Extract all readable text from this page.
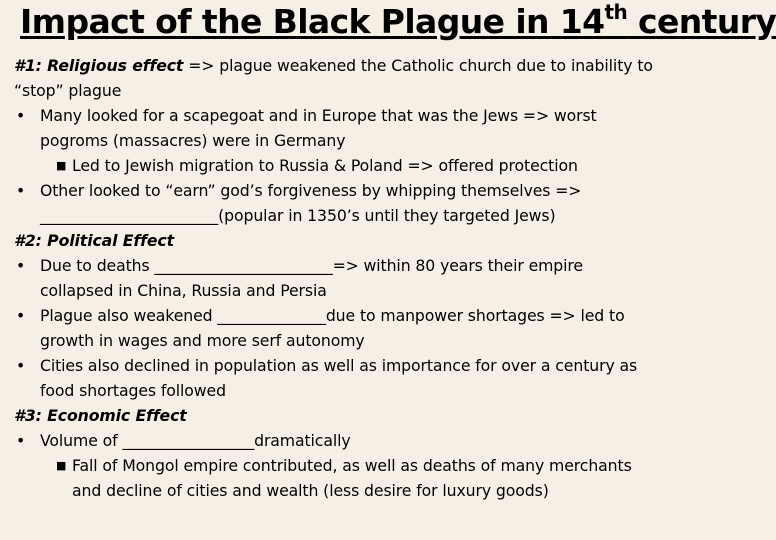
Impact of the Black Plague in 14th century
#1: Religious effect => plague weakened the Catholic church due to inability to
“stop” plague
• Many looked for a scapegoat and in Europe that was the Jews => worst
pogroms (massacres) were in Germany
■ Led to Jewish migration to Russia & Poland => offered protection
• Other looked to “earn” god’s forgiveness by whipping themselves =>
_______________________(popular in 1350’s until they targeted Jews)
#2: Political Effect
• Due to deaths _______________________=> within 80 years their empire
collapsed in China, Russia and Persia
• Plague also weakened ______________due to manpower shortages => led to
growth in wages and more serf autonomy
• Cities also declined in population as well as importance for over a century as
food shortages followed
#3: Economic Effect
• Volume of _________________dramatically
■ Fall of Mongol empire contributed, as well as deaths of many merchants
and decline of cities and wealth (less desire for luxury goods)
